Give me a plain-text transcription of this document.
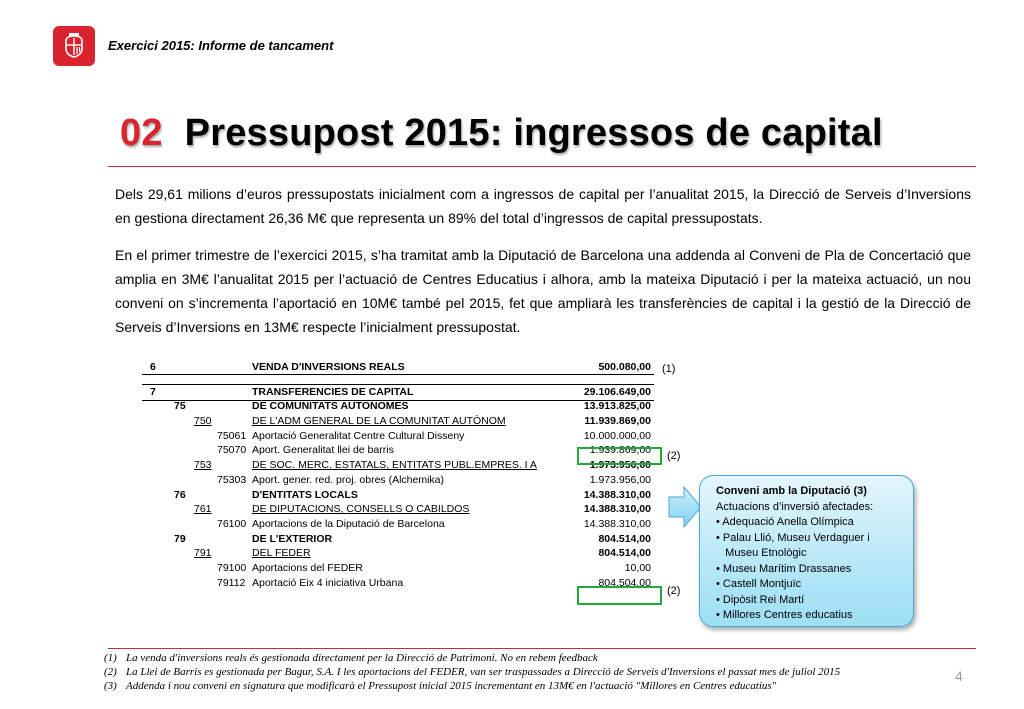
Exercici 2015: Informe de tancament
02 Pressupost 2015: ingressos de capital
Dels 29,61 milions d’euros pressupostats inicialment com a ingressos de capital per l’anualitat 2015, la Direcció de Serveis d’Inversions en gestiona directament 26,36 M€ que representa un 89% del total d’ingressos de capital pressupostats.
En el primer trimestre de l’exercici 2015, s’ha tramitat amb la Diputació de Barcelona una addenda al Conveni de Pla de Concertació que amplia en 3M€ l’anualitat 2015 per l’actuació de Centres Educatius i alhora, amb la mateixa Diputació i per la mateixa actuació, un nou conveni on s’incrementa l’aportació en 10M€ també pel 2015, fet que ampliarà les transferències de capital i la gestió de la Direcció de Serveis d’Inversions en 13M€ respecte l’inicialment pressupostat.
6	VENDA D'INVERSIONS REALS	500.080,00
7	TRANSFERENCIES DE CAPITAL	29.106.649,00
75	DE COMUNITATS AUTONOMES	13.913.825,00
750	DE L'ADM GENERAL DE LA COMUNITAT AUTÒNOM	11.939.869,00
75061 Aportació Generalitat Centre Cultural Disseny	10.000.000,00
75070 Aport. Generalitat llei de barris	1.939.869,00
753	DE SOC. MERC. ESTATALS, ENTITATS PUBL.EMPRES. I A	1.973.956,00
75303 Aport. gener. red. proj. obres (Alchemika)	1.973.956,00
76	D'ENTITATS LOCALS	14.388.310,00
761	DE DIPUTACIONS, CONSELLS O CABILDOS	14.388.310,00
76100 Aportacions de la Diputació de Barcelona	14.388.310,00
79	DE L'EXTERIOR	804.514,00
791	DEL FEDER	804.514,00
79100 Aportacions del FEDER	10,00
79112 Aportació Eix 4 iniciativa Urbana	804.504,00
(1)
(2)
(2)
Conveni amb la Diputació (3)
Actuacions d’inversió afectades:
• Adequació Anella Olímpica
• Palau Llió, Museu Verdaguer i
Museu Etnològic
• Museu Marítim Drassanes
• Castell Montjuïc
• Dipòsit Rei Martí
• Millores Centres educatius
(1) La venda d'inversions reals és gestionada directament per la Direcció de Patrimoni. No en rebem feedback
(2) La Llei de Barris es gestionada per Bagur, S.A. I les aportacions del FEDER, van ser traspassades a Direcció de Serveis d'Inversions el passat mes de juliol 2015
(3) Addenda i nou conveni en signatura que modificarà el Pressupost inicial 2015 incrementant en 13M€ en l'actuació "Millores en Centres educatius"
4
